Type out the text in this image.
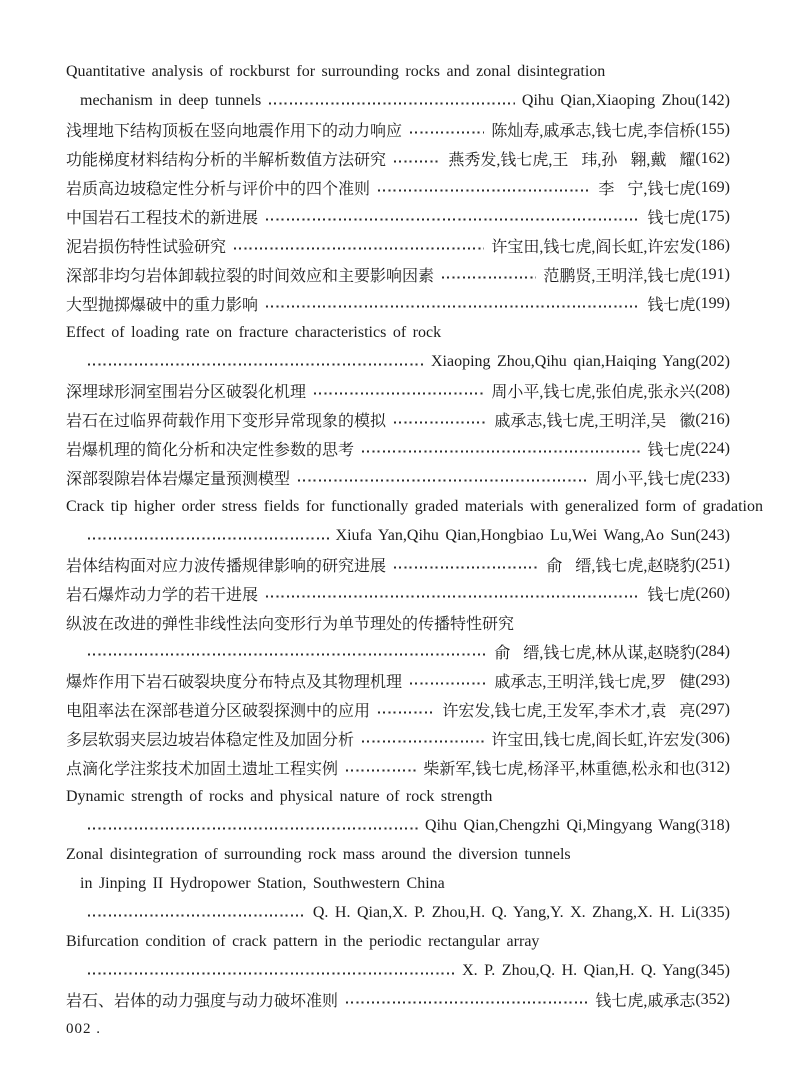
Quantitative analysis of rockburst for surrounding rocks and zonal disintegration
mechanism in deep tunnels	Qihu Qian,Xiaoping Zhou (142)
浅埋地下结构顶板在竖向地震作用下的动力响应	陈灿寿,戚承志,钱七虎,李信桥 (155)
功能梯度材料结构分析的半解析数值方法研究	燕秀发,钱七虎,王  玮,孙  翱,戴  耀 (162)
岩质高边坡稳定性分析与评价中的四个准则	李  宁,钱七虎 (169)
中国岩石工程技术的新进展	钱七虎 (175)
泥岩损伤特性试验研究	许宝田,钱七虎,阎长虹,许宏发 (186)
深部非均匀岩体卸载拉裂的时间效应和主要影响因素	范鹏贤,王明洋,钱七虎 (191)
大型抛掷爆破中的重力影响	钱七虎 (199)
Effect of loading rate on fracture characteristics of rock
Xiaoping Zhou,Qihu qian,Haiqing Yang (202)
深埋球形洞室围岩分区破裂化机理	周小平,钱七虎,张伯虎,张永兴 (208)
岩石在过临界荷载作用下变形异常现象的模拟	戚承志,钱七虎,王明洋,吴  徽 (216)
岩爆机理的简化分析和决定性参数的思考	钱七虎 (224)
深部裂隙岩体岩爆定量预测模型	周小平,钱七虎 (233)
Crack tip higher order stress fields for functionally graded materials with generalized form of gradation
Xiufa Yan,Qihu Qian,Hongbiao Lu,Wei Wang,Ao Sun (243)
岩体结构面对应力波传播规律影响的研究进展	俞  缙,钱七虎,赵晓豹 (251)
岩石爆炸动力学的若干进展	钱七虎 (260)
纵波在改进的弹性非线性法向变形行为单节理处的传播特性研究
俞  缙,钱七虎,林从谋,赵晓豹 (284)
爆炸作用下岩石破裂块度分布特点及其物理机理	戚承志,王明洋,钱七虎,罗  健 (293)
电阻率法在深部巷道分区破裂探测中的应用	许宏发,钱七虎,王发军,李术才,袁  亮 (297)
多层软弱夹层边坡岩体稳定性及加固分析	许宝田,钱七虎,阎长虹,许宏发 (306)
点滴化学注浆技术加固土遗址工程实例	柴新军,钱七虎,杨泽平,林重德,松永和也 (312)
Dynamic strength of rocks and physical nature of rock strength
Qihu Qian,Chengzhi Qi,Mingyang Wang (318)
Zonal disintegration of surrounding rock mass around the diversion tunnels
in Jinping II Hydropower Station, Southwestern China
Q. H. Qian,X. P. Zhou,H. Q. Yang,Y. X. Zhang,X. H. Li (335)
Bifurcation condition of crack pattern in the periodic rectangular array
X. P. Zhou,Q. H. Qian,H. Q. Yang (345)
岩石、岩体的动力强度与动力破坏准则	钱七虎,戚承志 (352)
002 .
